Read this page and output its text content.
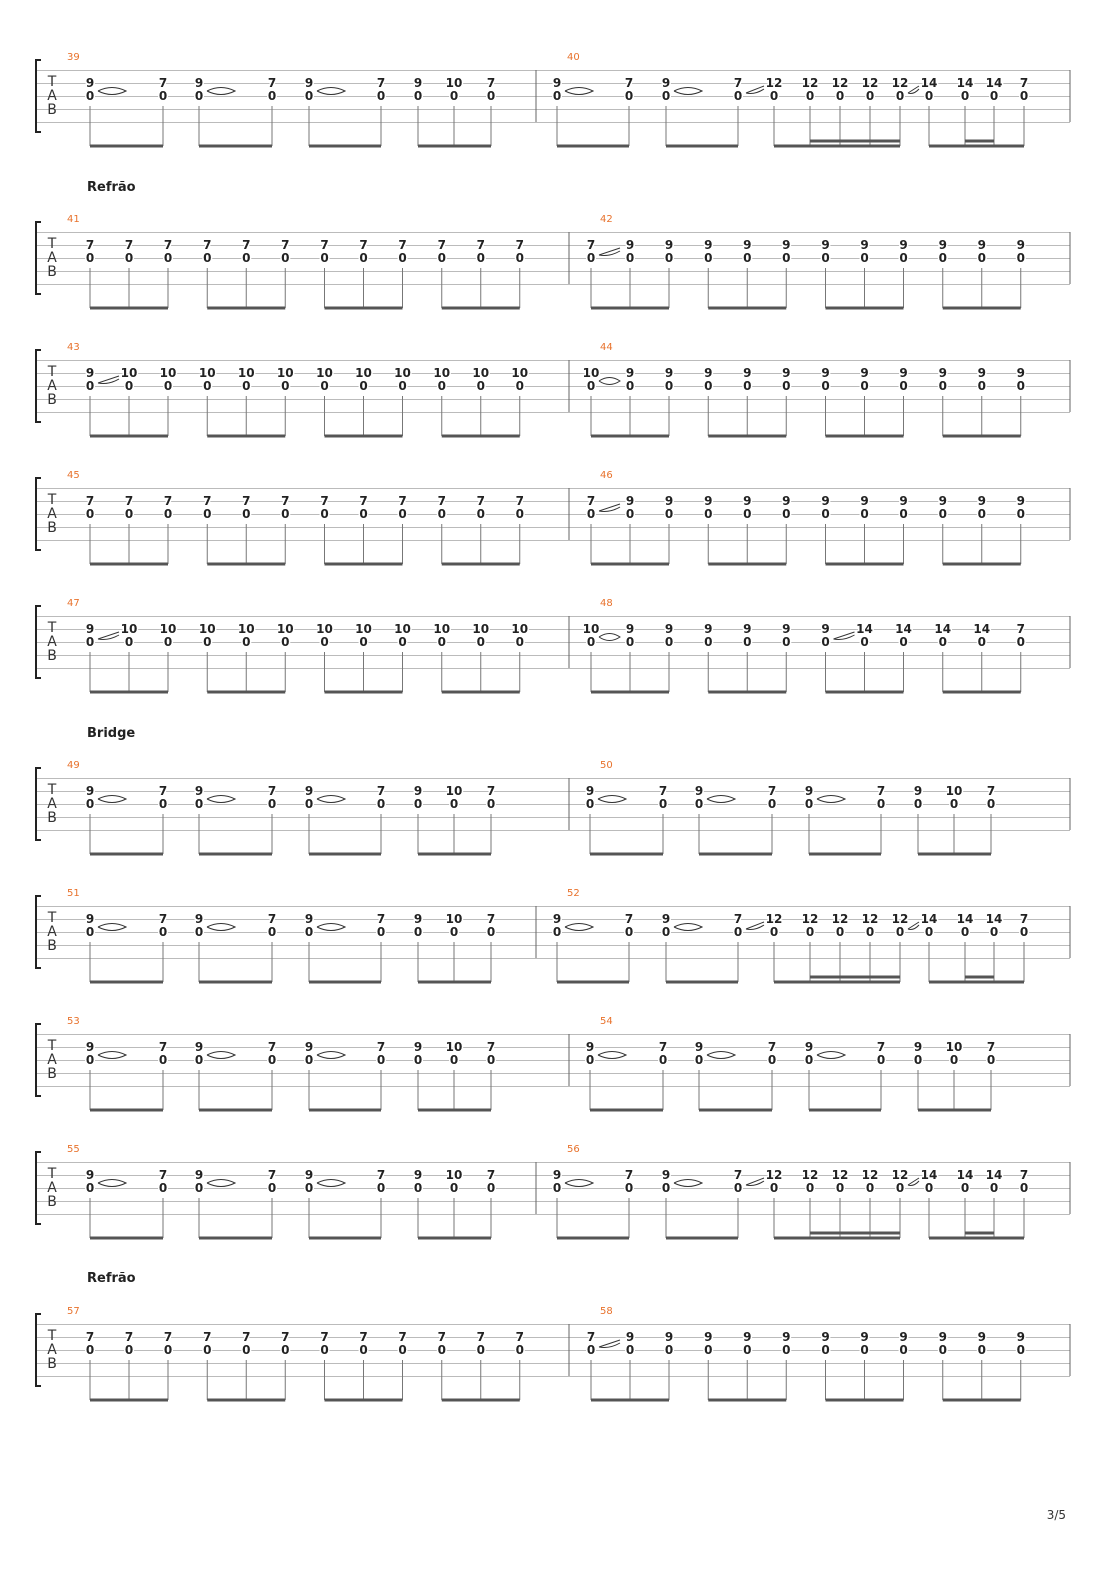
Refrão
Bridge
Refrão
T
A
B
39
9
0
7
0
9
0
7
0
9
0
7
0
9
0
10
0
7
0
40
9
0
7
0
9
0
7
0
12
0
12
0
12
0
12
0
12
0
14
0
14
0
14
0
7
0
T
A
B
41
7
0
7
0
7
0
7
0
7
0
7
0
7
0
7
0
7
0
7
0
7
0
7
0
42
7
0
9
0
9
0
9
0
9
0
9
0
9
0
9
0
9
0
9
0
9
0
9
0
T
A
B
43
9
0
10
0
10
0
10
0
10
0
10
0
10
0
10
0
10
0
10
0
10
0
10
0
44
10
0
9
0
9
0
9
0
9
0
9
0
9
0
9
0
9
0
9
0
9
0
9
0
T
A
B
45
7
0
7
0
7
0
7
0
7
0
7
0
7
0
7
0
7
0
7
0
7
0
7
0
46
7
0
9
0
9
0
9
0
9
0
9
0
9
0
9
0
9
0
9
0
9
0
9
0
T
A
B
47
9
0
10
0
10
0
10
0
10
0
10
0
10
0
10
0
10
0
10
0
10
0
10
0
48
10
0
9
0
9
0
9
0
9
0
9
0
9
0
14
0
14
0
14
0
14
0
7
0
T
A
B
49
9
0
7
0
9
0
7
0
9
0
7
0
9
0
10
0
7
0
50
9
0
7
0
9
0
7
0
9
0
7
0
9
0
10
0
7
0
T
A
B
51
9
0
7
0
9
0
7
0
9
0
7
0
9
0
10
0
7
0
52
9
0
7
0
9
0
7
0
12
0
12
0
12
0
12
0
12
0
14
0
14
0
14
0
7
0
T
A
B
53
9
0
7
0
9
0
7
0
9
0
7
0
9
0
10
0
7
0
54
9
0
7
0
9
0
7
0
9
0
7
0
9
0
10
0
7
0
T
A
B
55
9
0
7
0
9
0
7
0
9
0
7
0
9
0
10
0
7
0
56
9
0
7
0
9
0
7
0
12
0
12
0
12
0
12
0
12
0
14
0
14
0
14
0
7
0
T
A
B
57
7
0
7
0
7
0
7
0
7
0
7
0
7
0
7
0
7
0
7
0
7
0
7
0
58
7
0
9
0
9
0
9
0
9
0
9
0
9
0
9
0
9
0
9
0
9
0
9
0
3/5
